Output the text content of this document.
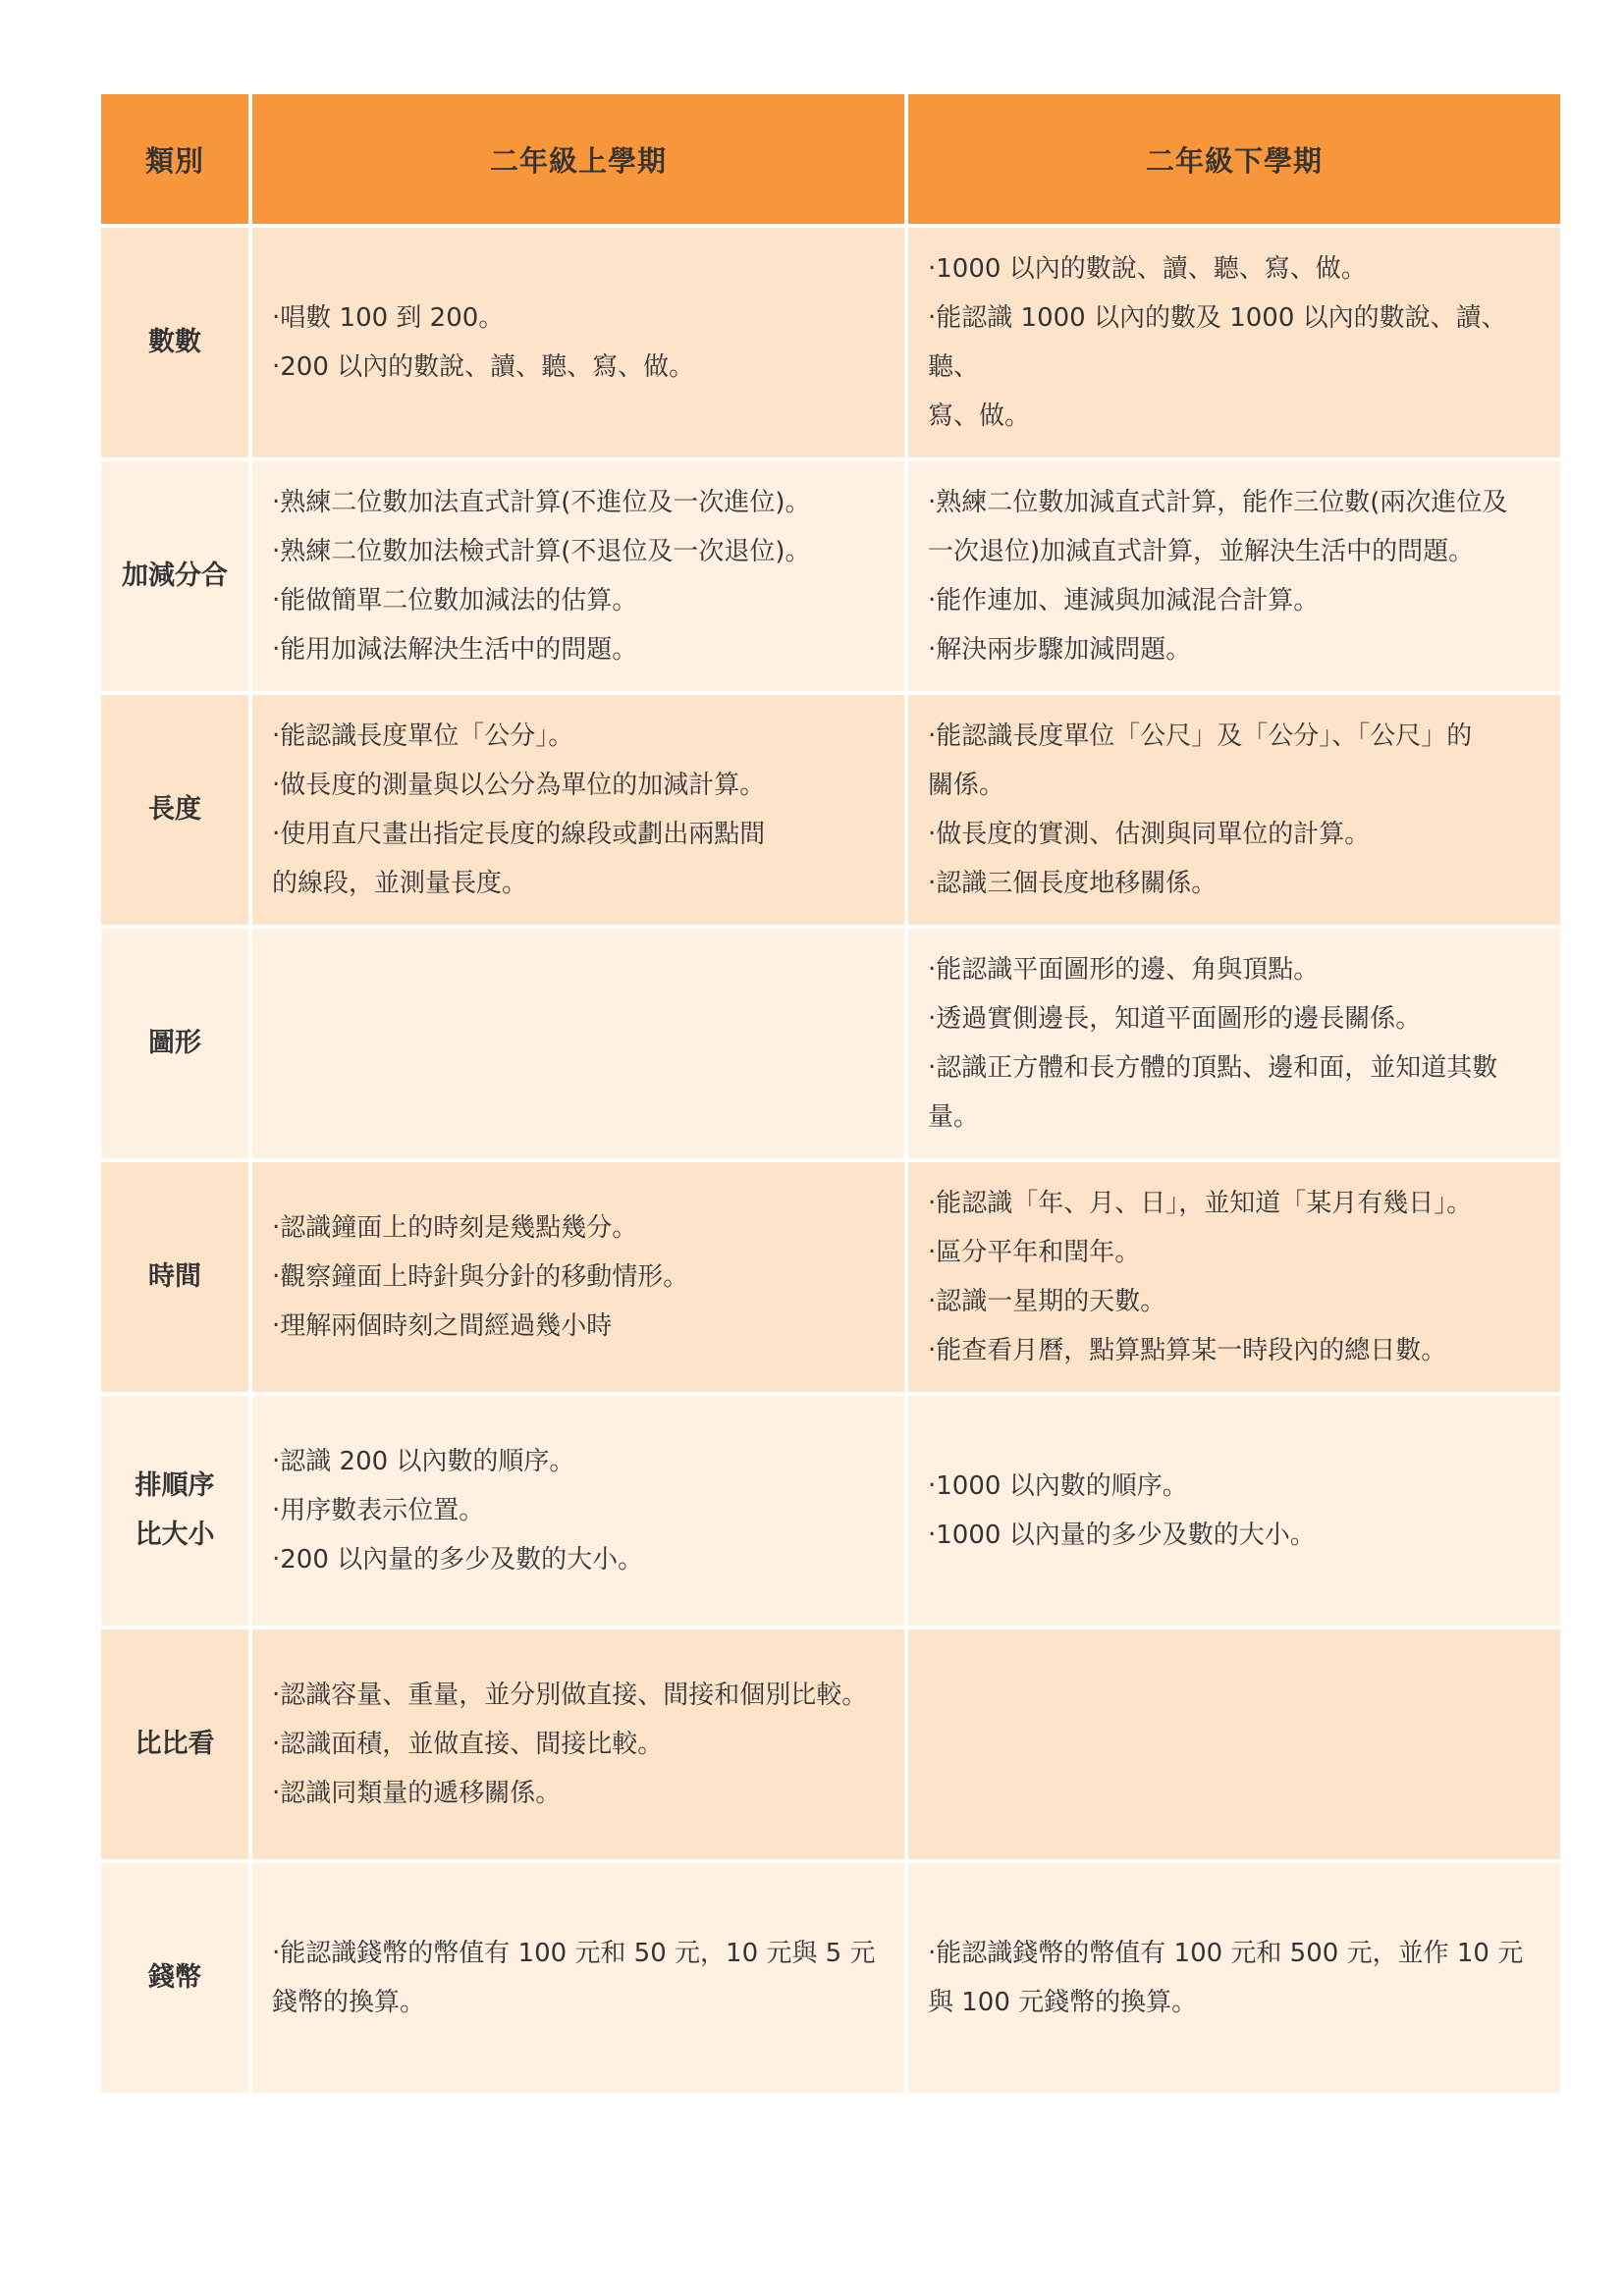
類別	二年級上學期	二年級下學期

數數	‧唱數 100 到 200。
‧200 以內的數說、讀、聽、寫、做。	‧1000 以內的數說、讀、聽、寫、做。
‧能認識 1000 以內的數及 1000 以內的數說、讀、聽、
寫、做。

加減分合	‧熟練二位數加法直式計算(不進位及一次進位)。
‧熟練二位數加法檢式計算(不退位及一次退位)。
‧能做簡單二位數加減法的估算。
‧能用加減法解決生活中的問題。	‧熟練二位數加減直式計算，能作三位數(兩次進位及
一次退位)加減直式計算，並解決生活中的問題。
‧能作連加、連減與加減混合計算。
‧解決兩步驟加減問題。

長度	‧能認識長度單位「公分」。
‧做長度的測量與以公分為單位的加減計算。
‧使用直尺畫出指定長度的線段或劃出兩點間
的線段，並測量長度。	‧能認識長度單位「公尺」及「公分」、「公尺」的
關係。
‧做長度的實測、估測與同單位的計算。
‧認識三個長度地移關係。

圖形		‧能認識平面圖形的邊、角與頂點。
‧透過實側邊長，知道平面圖形的邊長關係。
‧認識正方體和長方體的頂點、邊和面，並知道其數
量。

時間	‧認識鐘面上的時刻是幾點幾分。
‧觀察鐘面上時針與分針的移動情形。
‧理解兩個時刻之間經過幾小時	‧能認識「年、月、日」，並知道「某月有幾日」。
‧區分平年和閏年。
‧認識一星期的天數。
‧能查看月曆，點算點算某一時段內的總日數。

排順序
比大小	‧認識 200 以內數的順序。
‧用序數表示位置。
‧200 以內量的多少及數的大小。	‧1000 以內數的順序。
‧1000 以內量的多少及數的大小。

比比看	‧認識容量、重量，並分別做直接、間接和個別比較。
‧認識面積，並做直接、間接比較。
‧認識同類量的遞移關係。	

錢幣	‧能認識錢幣的幣值有 100 元和 50 元，10 元與 5 元
錢幣的換算。	‧能認識錢幣的幣值有 100 元和 500 元，並作 10 元
與 100 元錢幣的換算。
